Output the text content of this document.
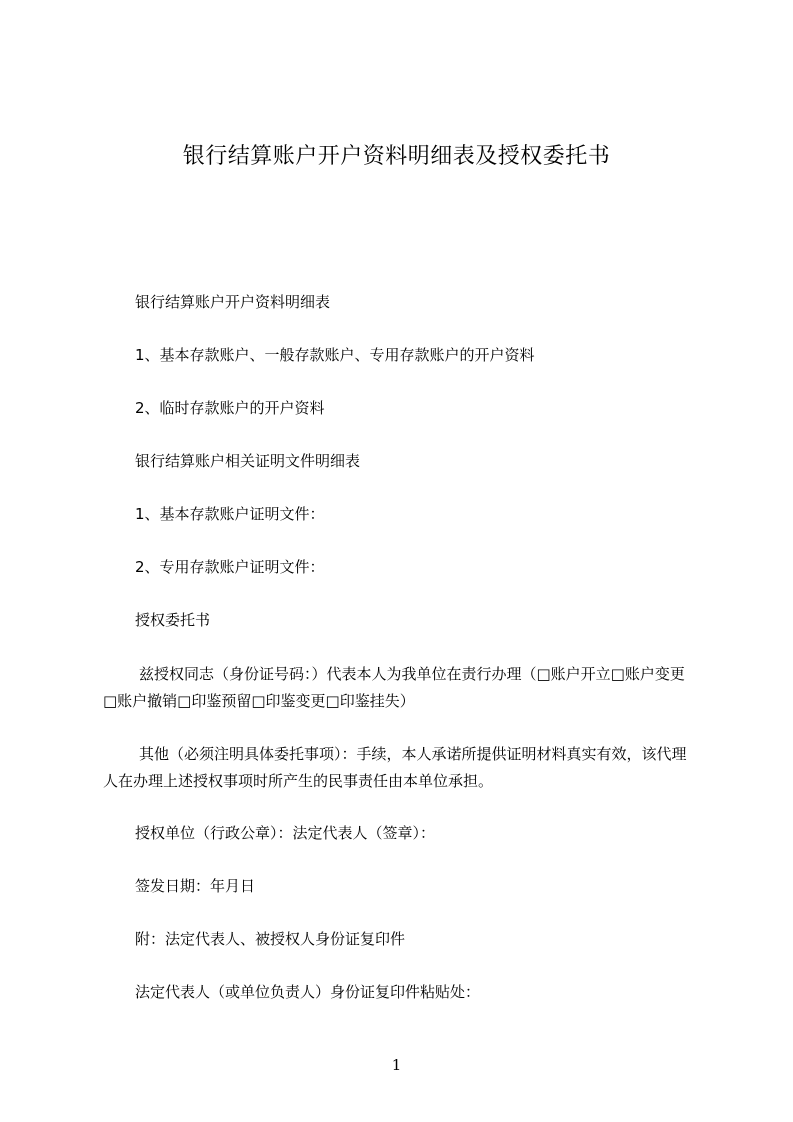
银行结算账户开户资料明细表及授权委托书
银行结算账户开户资料明细表
1、基本存款账户、一般存款账户、专用存款账户的开户资料
2、临时存款账户的开户资料
银行结算账户相关证明文件明细表
1、基本存款账户证明文件：
2、专用存款账户证明文件：
授权委托书
兹授权同志（身份证号码：）代表本人为我单位在责行办理（□账户开立□账户变更□账户撤销□印鉴预留□印鉴变更□印鉴挂失）
其他（必须注明具体委托事项）：手续，本人承诺所提供证明材料真实有效，该代理人在办理上述授权事项时所产生的民事责任由本单位承担。
授权单位（行政公章）：法定代表人（签章）：
签发日期：年月日
附：法定代表人、被授权人身份证复印件
法定代表人（或单位负责人）身份证复印件粘贴处：
1
